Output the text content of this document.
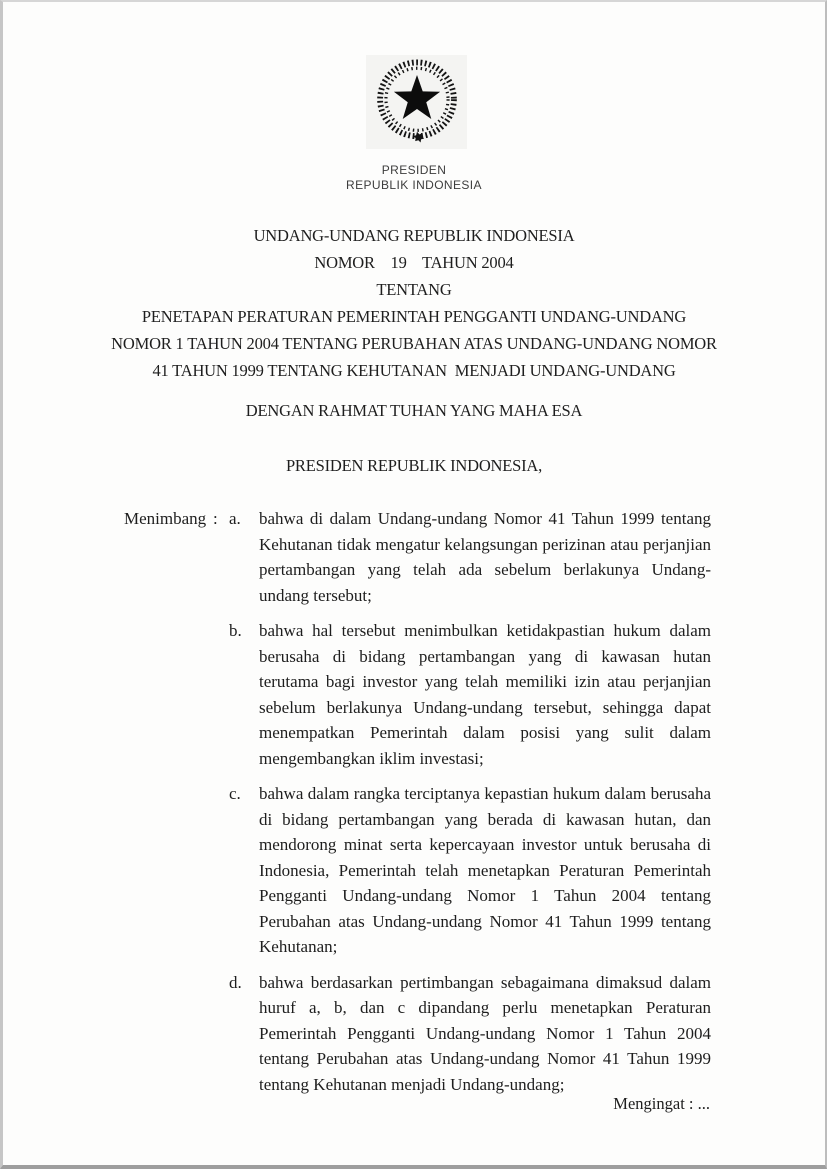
PRESIDEN
REPUBLIK INDONESIA
UNDANG-UNDANG REPUBLIK INDONESIA
NOMOR    19    TAHUN 2004
TENTANG
PENETAPAN PERATURAN PEMERINTAH PENGGANTI UNDANG-UNDANG
NOMOR 1 TAHUN 2004 TENTANG PERUBAHAN ATAS UNDANG-UNDANG NOMOR
41 TAHUN 1999 TENTANG KEHUTANAN  MENJADI UNDANG-UNDANG
DENGAN RAHMAT TUHAN YANG MAHA ESA
PRESIDEN REPUBLIK INDONESIA,
Menimbang : a.	bahwa di dalam Undang-undang Nomor 41 Tahun 1999 tentang Kehutanan tidak mengatur kelangsungan perizinan atau perjanjian pertambangan yang telah ada sebelum berlakunya Undang-undang tersebut;
b.	bahwa hal tersebut menimbulkan ketidakpastian hukum dalam berusaha di bidang pertambangan yang di kawasan hutan terutama bagi investor yang telah memiliki izin atau perjanjian sebelum berlakunya Undang-undang tersebut, sehingga dapat menempatkan Pemerintah dalam posisi yang sulit dalam mengembangkan iklim investasi;
c.	bahwa dalam rangka terciptanya kepastian hukum dalam berusaha di bidang pertambangan yang berada di kawasan hutan, dan mendorong minat serta kepercayaan investor untuk berusaha di Indonesia, Pemerintah telah menetapkan Peraturan Pemerintah Pengganti Undang-undang Nomor 1 Tahun 2004 tentang Perubahan atas Undang-undang Nomor 41 Tahun 1999 tentang Kehutanan;
d.	bahwa berdasarkan pertimbangan sebagaimana dimaksud dalam huruf a, b, dan c dipandang perlu menetapkan Peraturan Pemerintah Pengganti Undang-undang Nomor 1 Tahun 2004 tentang Perubahan atas Undang-undang Nomor 41 Tahun 1999 tentang Kehutanan menjadi Undang-undang;
Mengingat : ...
